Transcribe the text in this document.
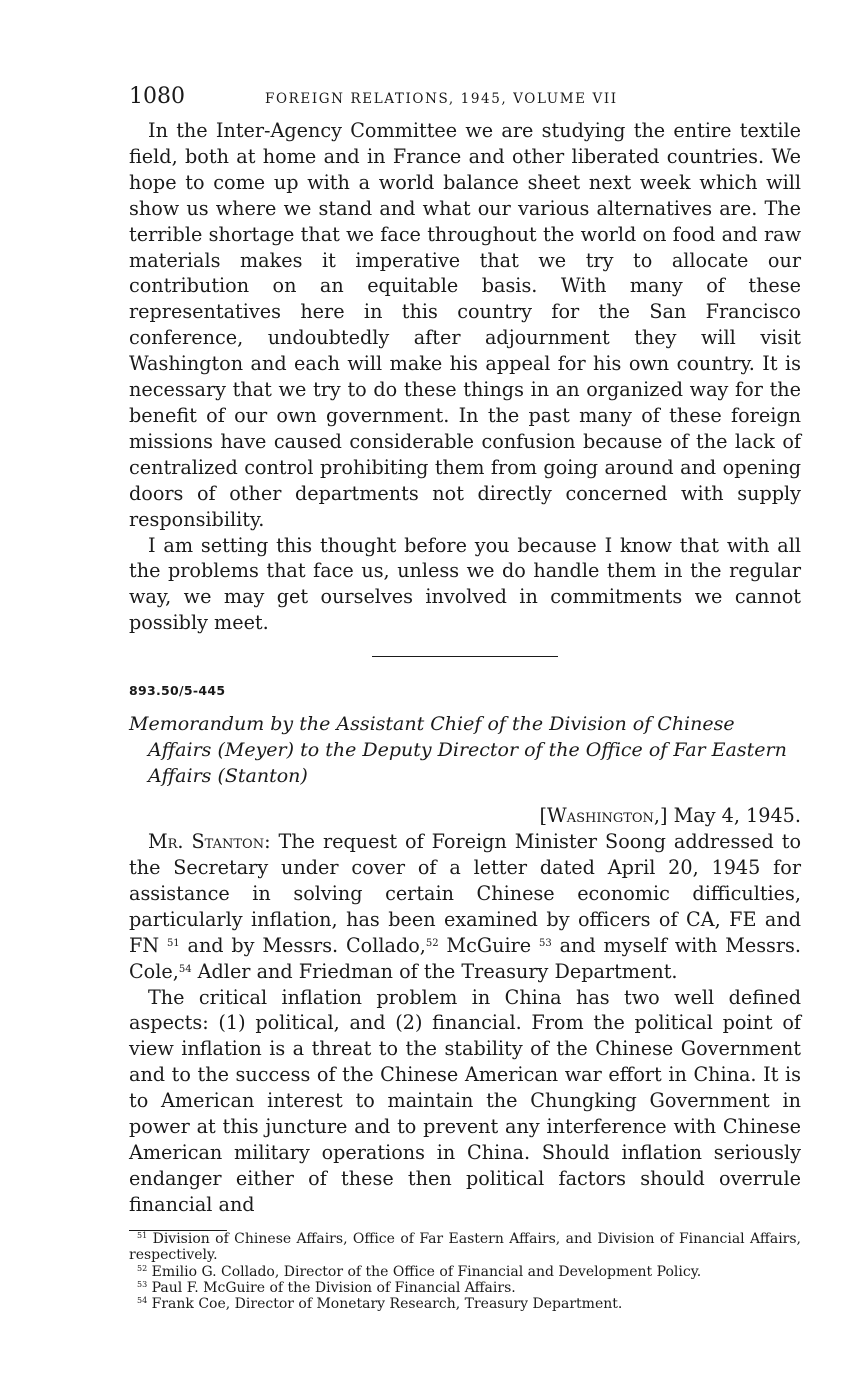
1080	FOREIGN RELATIONS, 1945, VOLUME VII

In the Inter-Agency Committee we are studying the entire textile field, both at home and in France and other liberated countries. We hope to come up with a world balance sheet next week which will show us where we stand and what our various alternatives are. The terrible shortage that we face throughout the world on food and raw materials makes it imperative that we try to allocate our contribution on an equitable basis. With many of these representatives here in this country for the San Francisco conference, undoubtedly after adjournment they will visit Washington and each will make his appeal for his own country. It is necessary that we try to do these things in an organized way for the benefit of our own government. In the past many of these foreign missions have caused considerable confusion because of the lack of centralized control prohibiting them from going around and opening doors of other departments not directly concerned with supply responsibility.

I am setting this thought before you because I know that with all the problems that face us, unless we do handle them in the regular way, we may get ourselves involved in commitments we cannot possibly meet.

893.50/5-445
Memorandum by the Assistant Chief of the Division of Chinese Affairs (Meyer) to the Deputy Director of the Office of Far Eastern Affairs (Stanton)
[Washington,] May 4, 1945.

Mr. Stanton: The request of Foreign Minister Soong addressed to the Secretary under cover of a letter dated April 20, 1945 for assistance in solving certain Chinese economic difficulties, particularly inflation, has been examined by officers of CA, FE and FN $^{51}$ and by Messrs. Collado,$^{52}$ McGuire $^{53}$ and myself with Messrs. Cole,$^{54}$ Adler and Friedman of the Treasury Department.

The critical inflation problem in China has two well defined aspects: (1) political, and (2) financial. From the political point of view inflation is a threat to the stability of the Chinese Government and to the success of the Chinese American war effort in China. It is to American interest to maintain the Chungking Government in power at this juncture and to prevent any interference with Chinese American military operations in China. Should inflation seriously endanger either of these then political factors should overrule financial and

$^{51}$ Division of Chinese Affairs, Office of Far Eastern Affairs, and Division of Financial Affairs, respectively.

$^{52}$ Emilio G. Collado, Director of the Office of Financial and Development Policy.

$^{53}$ Paul F. McGuire of the Division of Financial Affairs.

$^{54}$ Frank Coe, Director of Monetary Research, Treasury Department.
